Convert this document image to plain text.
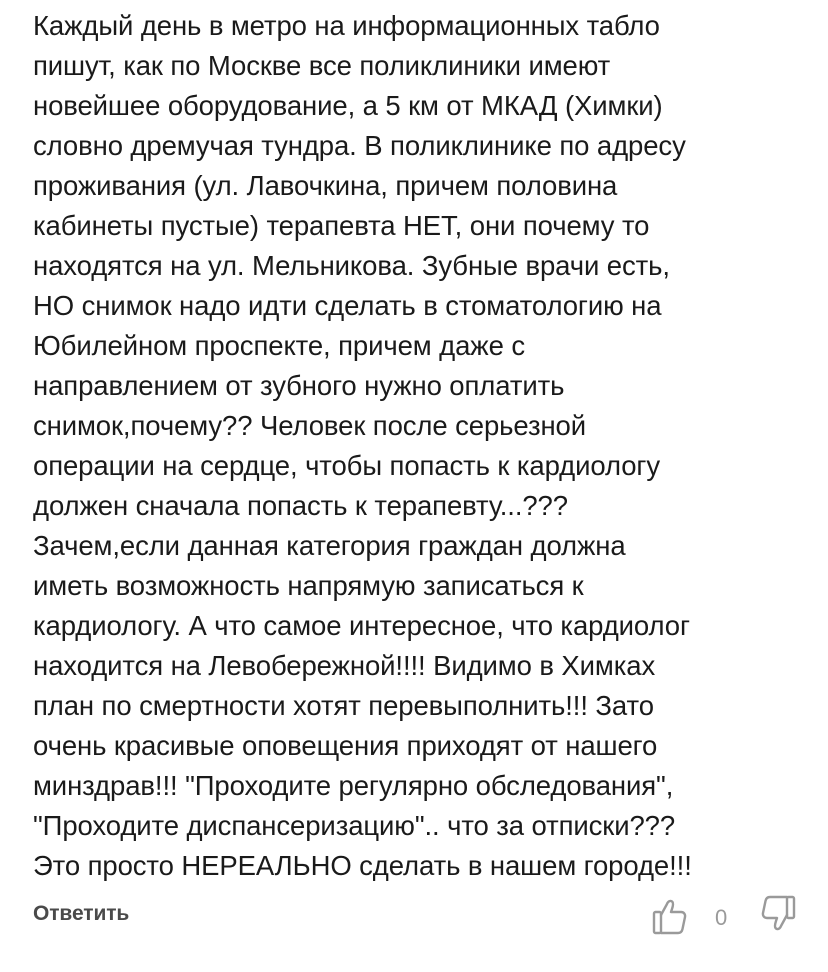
Каждый день в метро на информационных табло
пишут, как по Москве все поликлиники имеют
новейшее оборудование, а 5 км от МКАД (Химки)
словно дремучая тундра. В поликлинике по адресу
проживания (ул. Лавочкина, причем половина
кабинеты пустые) терапевта НЕТ, они почему то
находятся на ул. Мельникова. Зубные врачи есть,
НО снимок надо идти сделать в стоматологию на
Юбилейном проспекте, причем даже с
направлением от зубного нужно оплатить
снимок,почему?? Человек после серьезной
операции на сердце, чтобы попасть к кардиологу
должен сначала попасть к терапевту...???
Зачем,если данная категория граждан должна
иметь возможность напрямую записаться к
кардиологу. А что самое интересное, что кардиолог
находится на Левобережной!!!! Видимо в Химках
план по смертности хотят перевыполнить!!! Зато
очень красивые оповещения приходят от нашего
минздрав!!! "Проходите регулярно обследования",
"Проходите диспансеризацию".. что за отписки???
Это просто НЕРЕАЛЬНО сделать в нашем городе!!!
Ответить	0
